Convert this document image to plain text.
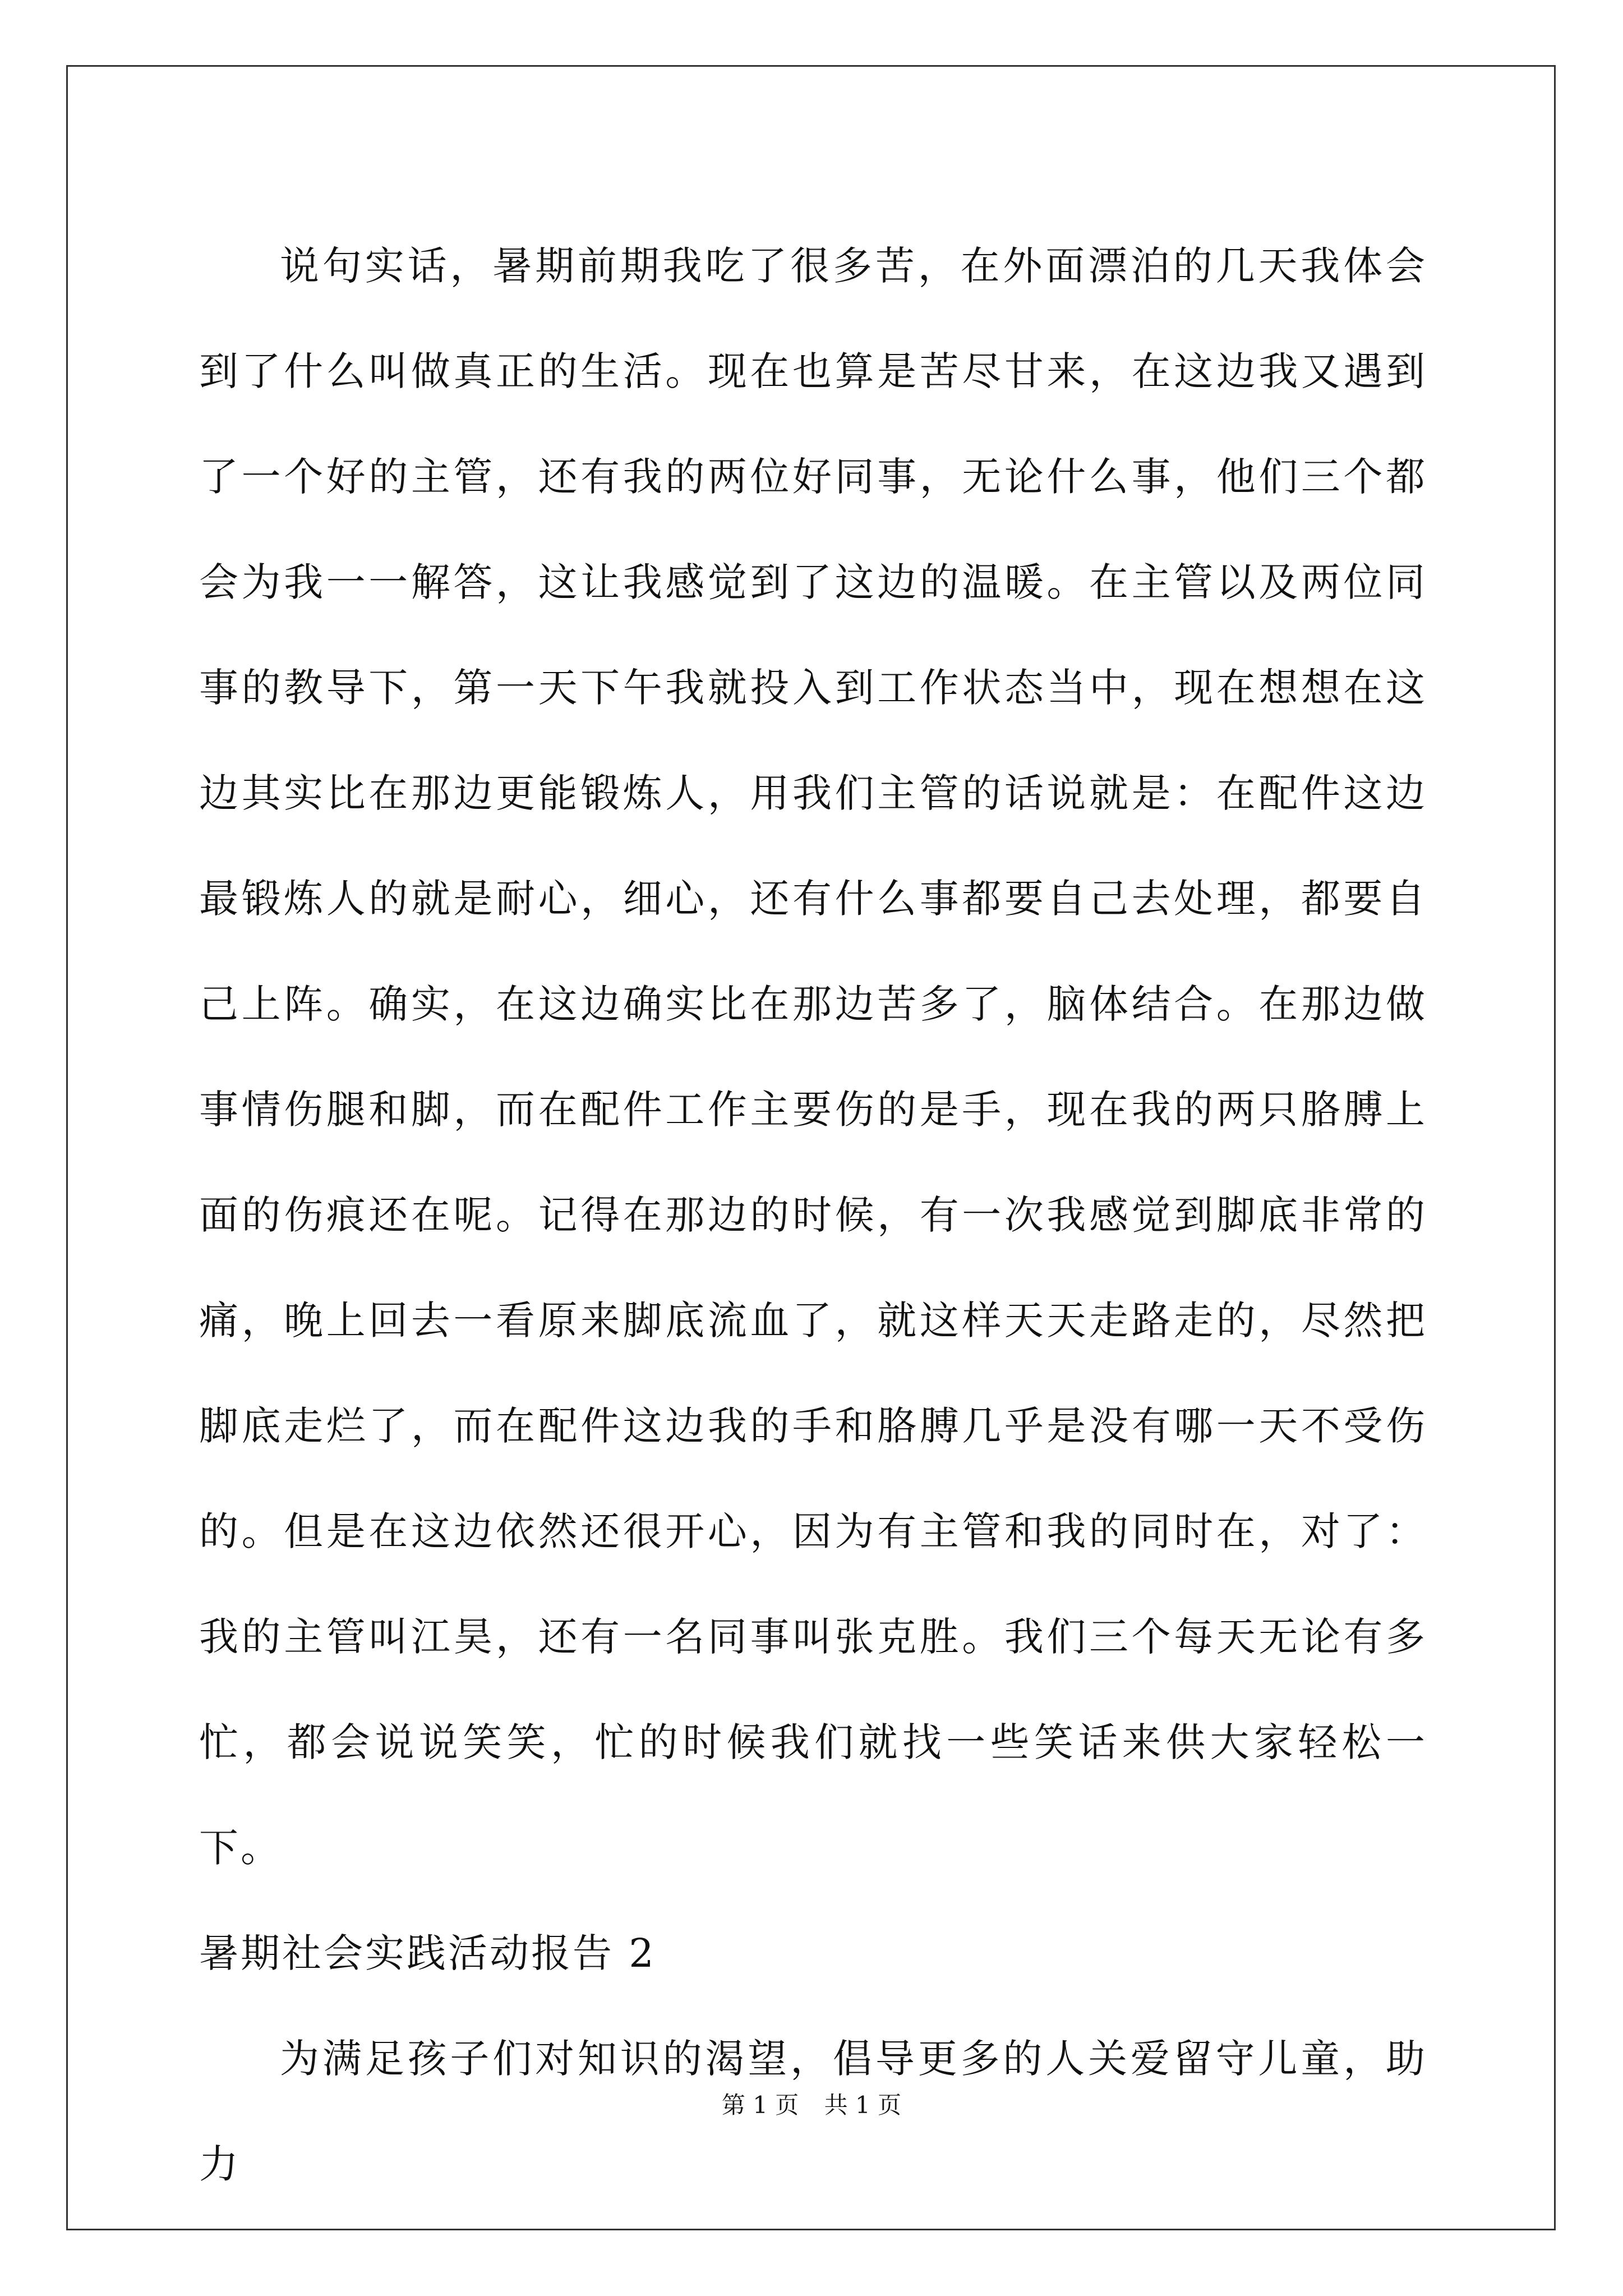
说句实话，暑期前期我吃了很多苦，在外面漂泊的几天我体会到了什么叫做真正的生活。现在也算是苦尽甘来，在这边我又遇到了一个好的主管，还有我的两位好同事，无论什么事，他们三个都会为我一一解答，这让我感觉到了这边的温暖。在主管以及两位同事的教导下，第一天下午我就投入到工作状态当中，现在想想在这边其实比在那边更能锻炼人，用我们主管的话说就是：在配件这边最锻炼人的就是耐心，细心，还有什么事都要自己去处理，都要自己上阵。确实，在这边确实比在那边苦多了，脑体结合。在那边做事情伤腿和脚，而在配件工作主要伤的是手，现在我的两只胳膊上面的伤痕还在呢。记得在那边的时候，有一次我感觉到脚底非常的痛，晚上回去一看原来脚底流血了，就这样天天走路走的，尽然把脚底走烂了，而在配件这边我的手和胳膊几乎是没有哪一天不受伤的。但是在这边依然还很开心，因为有主管和我的同时在，对了：我的主管叫江昊，还有一名同事叫张克胜。我们三个每天无论有多忙，都会说说笑笑，忙的时候我们就找一些笑话来供大家轻松一下。

暑期社会实践活动报告 2

为满足孩子们对知识的渴望，倡导更多的人关爱留守儿童，助力

第 1 页 共 1 页
